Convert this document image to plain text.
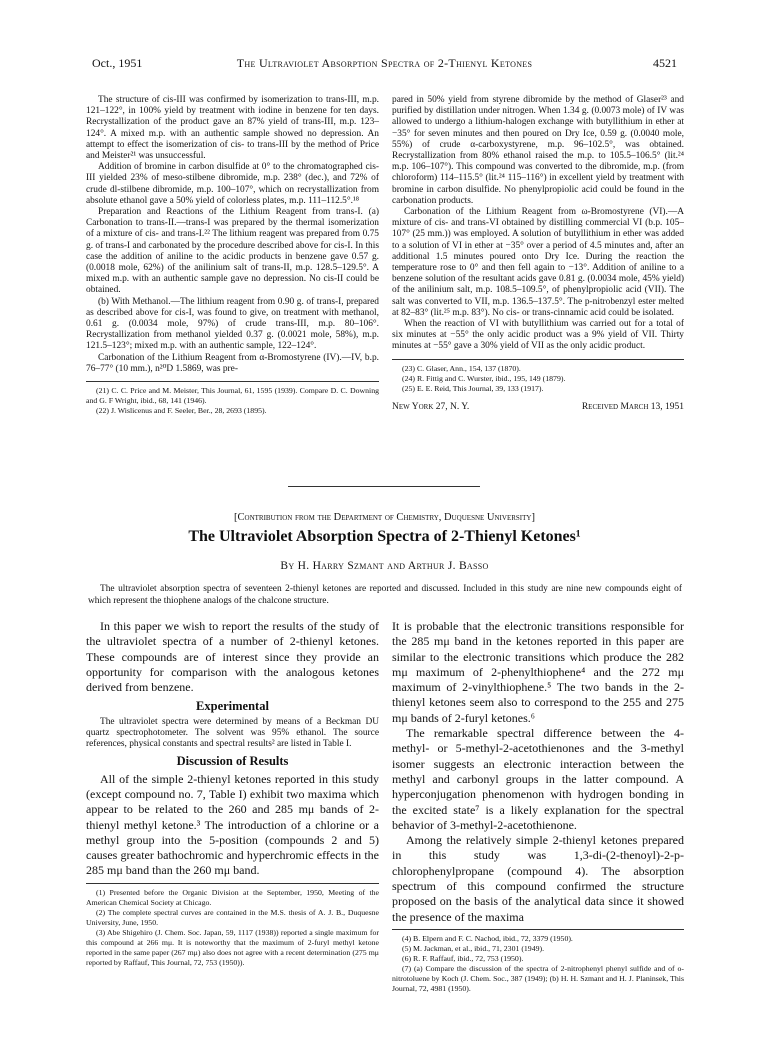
Oct., 1951	The Ultraviolet Absorption Spectra of 2-Thienyl Ketones	4521

The structure of cis-III was confirmed by isomerization to trans-III, m.p. 121–122°, in 100% yield by treatment with iodine in benzene for ten days. Recrystallization of the product gave an 87% yield of trans-III, m.p. 123–124°. A mixed m.p. with an authentic sample showed no depression. An attempt to effect the isomerization of cis- to trans-III by the method of Price and Meister²¹ was unsuccessful.

Addition of bromine in carbon disulfide at 0° to the chromatographed cis-III yielded 23% of meso-stilbene dibromide, m.p. 238° (dec.), and 72% of crude dl-stilbene dibromide, m.p. 100–107°, which on recrystallization from absolute ethanol gave a 50% yield of colorless plates, m.p. 111–112.5°.¹⁸

Preparation and Reactions of the Lithium Reagent from trans-I. (a) Carbonation to trans-II.—trans-I was prepared by the thermal isomerization of a mixture of cis- and trans-I.²² The lithium reagent was prepared from 0.75 g. of trans-I and carbonated by the procedure described above for cis-I. In this case the addition of aniline to the acidic products in benzene gave 0.57 g. (0.0018 mole, 62%) of the anilinium salt of trans-II, m.p. 128.5–129.5°. A mixed m.p. with an authentic sample gave no depression. No cis-II could be obtained.

(b) With Methanol.—The lithium reagent from 0.90 g. of trans-I, prepared as described above for cis-I, was found to give, on treatment with methanol, 0.61 g. (0.0034 mole, 97%) of crude trans-III, m.p. 80–106°. Recrystallization from methanol yielded 0.37 g. (0.0021 mole, 58%), m.p. 121.5–123°; mixed m.p. with an authentic sample, 122–124°.

Carbonation of the Lithium Reagent from α-Bromostyrene (IV).—IV, b.p. 76–77° (10 mm.), n²⁰D 1.5869, was pre-

(21) C. C. Price and M. Meister, This Journal, 61, 1595 (1939). Compare D. C. Downing and G. F Wright, ibid., 68, 141 (1946).

(22) J. Wislicenus and F. Seeler, Ber., 28, 2693 (1895).

pared in 50% yield from styrene dibromide by the method of Glaser²³ and purified by distillation under nitrogen. When 1.34 g. (0.0073 mole) of IV was allowed to undergo a lithium-halogen exchange with butyllithium in ether at −35° for seven minutes and then poured on Dry Ice, 0.59 g. (0.0040 mole, 55%) of crude α-carboxystyrene, m.p. 96–102.5°, was obtained. Recrystallization from 80% ethanol raised the m.p. to 105.5–106.5° (lit.²⁴ m.p. 106–107°). This compound was converted to the dibromide, m.p. (from chloroform) 114–115.5° (lit.²⁴ 115–116°) in excellent yield by treatment with bromine in carbon disulfide. No phenylpropiolic acid could be found in the carbonation products.

Carbonation of the Lithium Reagent from ω-Bromostyrene (VI).—A mixture of cis- and trans-VI obtained by distilling commercial VI (b.p. 105–107° (25 mm.)) was employed. A solution of butyllithium in ether was added to a solution of VI in ether at −35° over a period of 4.5 minutes and, after an additional 1.5 minutes poured onto Dry Ice. During the reaction the temperature rose to 0° and then fell again to −13°. Addition of aniline to a benzene solution of the resultant acids gave 0.81 g. (0.0034 mole, 45% yield) of the anilinium salt, m.p. 108.5–109.5°, of phenylpropiolic acid (VII). The salt was converted to VII, m.p. 136.5–137.5°. The p-nitrobenzyl ester melted at 82–83° (lit.²⁵ m.p. 83°). No cis- or trans-cinnamic acid could be isolated.

When the reaction of VI with butyllithium was carried out for a total of six minutes at −55° the only acidic product was a 9% yield of VII. Thirty minutes at −55° gave a 30% yield of VII as the only acidic product.

(23) C. Glaser, Ann., 154, 137 (1870).

(24) R. Fittig and C. Wurster, ibid., 195, 149 (1879).

(25) E. E. Reid, This Journal, 39, 133 (1917).

New York 27, N. Y.	Received March 13, 1951
[Contribution from the Department of Chemistry, Duquesne University]
The Ultraviolet Absorption Spectra of 2-Thienyl Ketones¹
By H. Harry Szmant and Arthur J. Basso
The ultraviolet absorption spectra of seventeen 2-thienyl ketones are reported and discussed. Included in this study are nine new compounds eight of which represent the thiophene analogs of the chalcone structure.

In this paper we wish to report the results of the study of the ultraviolet spectra of a number of 2-thienyl ketones. These compounds are of interest since they provide an opportunity for comparison with the analogous ketones derived from benzene.

Experimental

The ultraviolet spectra were determined by means of a Beckman DU quartz spectrophotometer. The solvent was 95% ethanol. The source references, physical constants and spectral results² are listed in Table I.

Discussion of Results

All of the simple 2-thienyl ketones reported in this study (except compound no. 7, Table I) exhibit two maxima which appear to be related to the 260 and 285 mμ bands of 2-thienyl methyl ketone.³ The introduction of a chlorine or a methyl group into the 5-position (compounds 2 and 5) causes greater bathochromic and hyperchromic effects in the 285 mμ band than the 260 mμ band.

(1) Presented before the Organic Division at the September, 1950, Meeting of the American Chemical Society at Chicago.

(2) The complete spectral curves are contained in the M.S. thesis of A. J. B., Duquesne University, June, 1950.

(3) Abe Shigehiro (J. Chem. Soc. Japan, 59, 1117 (1938)) reported a single maximum for this compound at 266 mμ. It is noteworthy that the maximum of 2-furyl methyl ketone reported in the same paper (267 mμ) also does not agree with a recent determination (275 mμ reported by Raffauf, This Journal, 72, 753 (1950)).

It is probable that the electronic transitions responsible for the 285 mμ band in the ketones reported in this paper are similar to the electronic transitions which produce the 282 mμ maximum of 2-phenylthiophene⁴ and the 272 mμ maximum of 2-vinylthiophene.⁵ The two bands in the 2-thienyl ketones seem also to correspond to the 255 and 275 mμ bands of 2-furyl ketones.⁶

The remarkable spectral difference between the 4-methyl- or 5-methyl-2-acetothienones and the 3-methyl isomer suggests an electronic interaction between the methyl and carbonyl groups in the latter compound. A hyperconjugation phenomenon with hydrogen bonding in the excited state⁷ is a likely explanation for the spectral behavior of 3-methyl-2-acetothienone.

Among the relatively simple 2-thienyl ketones prepared in this study was 1,3-di-(2-thenoyl)-2-p-chlorophenylpropane (compound 4). The absorption spectrum of this compound confirmed the structure proposed on the basis of the analytical data since it showed the presence of the maxima

(4) B. Elpern and F. C. Nachod, ibid., 72, 3379 (1950).

(5) M. Jackman, et al., ibid., 71, 2301 (1949).

(6) R. F. Raffauf, ibid., 72, 753 (1950).

(7) (a) Compare the discussion of the spectra of 2-nitrophenyl phenyl sulfide and of o-nitrotoluene by Koch (J. Chem. Soc., 387 (1949); (b) H. H. Szmant and H. J. Planinsek, This Journal, 72, 4981 (1950).
